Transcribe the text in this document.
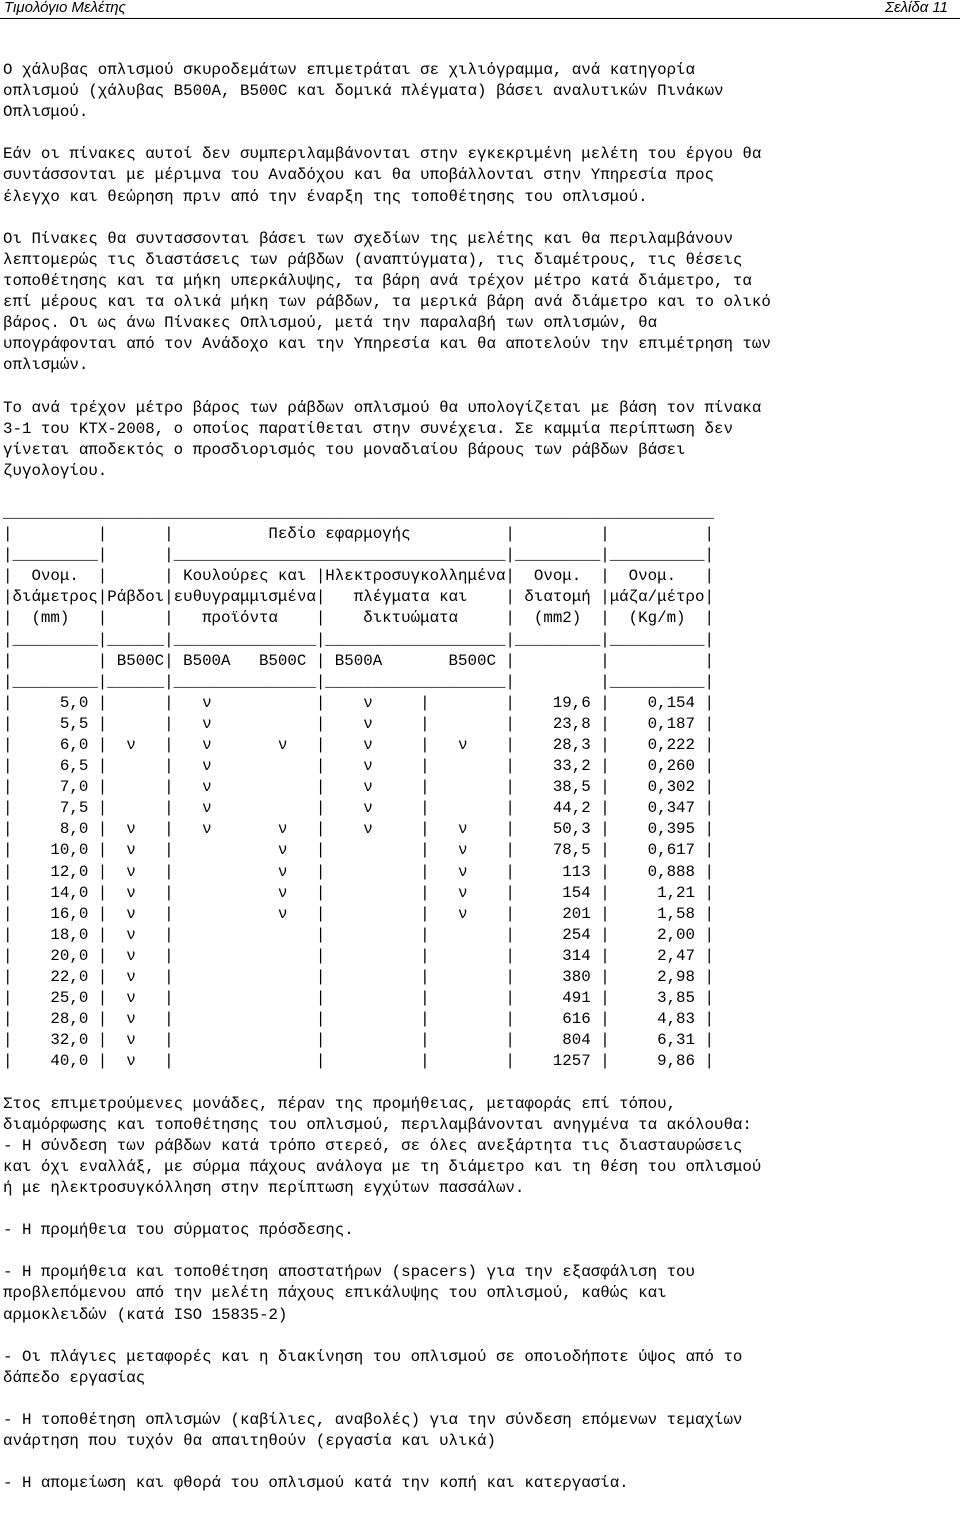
Τιμολόγιο Μελέτης	Σελίδα 11
Ο χάλυβας οπλισμού σκυροδεμάτων επιμετράται σε χιλιόγραμμα, ανά κατηγορία
οπλισμού (χάλυβας Β500Α, Β500C και δομικά πλέγματα) βάσει αναλυτικών Πινάκων
Οπλισμού.
Εάν οι πίνακες αυτοί δεν συμπεριλαμβάνονται στην εγκεκριμένη μελέτη του έργου θα
συντάσσονται με μέριμνα του Αναδόχου και θα υποβάλλονται στην Υπηρεσία προς
έλεγχο και θεώρηση πριν από την έναρξη της τοποθέτησης του οπλισμού.
Οι Πίνακες θα συντασσονται βάσει των σχεδίων της μελέτης και θα περιλαμβάνουν
λεπτομερώς τις διαστάσεις των ράβδων (αναπτύγματα), τις διαμέτρους, τις θέσεις
τοποθέτησης και τα μήκη υπερκάλυψης, τα βάρη ανά τρέχον μέτρο κατά διάμετρο, τα
επί μέρους και τα ολικά μήκη των ράβδων, τα μερικά βάρη ανά διάμετρο και το ολικό
βάρος. Οι ως άνω Πίνακες Οπλισμού, μετά την παραλαβή των οπλισμών, θα
υπογράφονται από τον Ανάδοχο και την Υπηρεσία και θα αποτελούν την επιμέτρηση των
οπλισμών.
Το ανά τρέχον μέτρο βάρος των ράβδων οπλισμού θα υπολογίζεται με βάση τον πίνακα
3-1 του ΚΤΧ-2008, ο οποίος παρατίθεται στην συνέχεια. Σε καμμία περίπτωση δεν
γίνεται αποδεκτός ο προσδιορισμός του μοναδιαίου βάρους των ράβδων βάσει
ζυγολογίου.
___________________________________________________________________________
|         |      |          Πεδίο εφαρμογής          |         |          |
|_________|      |___________________________________|_________|__________|
|  Ονομ.  |      | Κουλούρες και |Ηλεκτροσυγκολλημένα|  Ονομ.  |  Ονομ.   |
|διάμετρος|Ράβδοι|ευθυγραμμισμένα|   πλέγματα και    | διατομή |μάζα/μέτρο|
|  (mm)   |      |   προϊόντα    |    δικτυώματα     |  (mm2)  |  (Kg/m)  |
|_________|______|_______________|___________________|_________|__________|
|         | B500C| B500A   B500C | B500A       B500C |         |          |
|_________|______|_______________|___________________|         |__________|
|     5,0 |      |   ν           |    ν     |        |    19,6 |    0,154 |
|     5,5 |      |   ν           |    ν     |        |    23,8 |    0,187 |
|     6,0 |  ν   |   ν       ν   |    ν     |   ν    |    28,3 |    0,222 |
|     6,5 |      |   ν           |    ν     |        |    33,2 |    0,260 |
|     7,0 |      |   ν           |    ν     |        |    38,5 |    0,302 |
|     7,5 |      |   ν           |    ν     |        |    44,2 |    0,347 |
|     8,0 |  ν   |   ν       ν   |    ν     |   ν    |    50,3 |    0,395 |
|    10,0 |  ν   |           ν   |          |   ν    |    78,5 |    0,617 |
|    12,0 |  ν   |           ν   |          |   ν    |     113 |    0,888 |
|    14,0 |  ν   |           ν   |          |   ν    |     154 |     1,21 |
|    16,0 |  ν   |           ν   |          |   ν    |     201 |     1,58 |
|    18,0 |  ν   |               |          |        |     254 |     2,00 |
|    20,0 |  ν   |               |          |        |     314 |     2,47 |
|    22,0 |  ν   |               |          |        |     380 |     2,98 |
|    25,0 |  ν   |               |          |        |     491 |     3,85 |
|    28,0 |  ν   |               |          |        |     616 |     4,83 |
|    32,0 |  ν   |               |          |        |     804 |     6,31 |
|    40,0 |  ν   |               |          |        |    1257 |     9,86 |
Στος επιμετρούμενες μονάδες, πέραν της προμήθειας, μεταφοράς επί τόπου,
διαμόρφωσης και τοποθέτησης του οπλισμού, περιλαμβάνονται ανηγμένα τα ακόλουθα:
- Η σύνδεση των ράβδων κατά τρόπο στερεό, σε όλες ανεξάρτητα τις διασταυρώσεις
και όχι εναλλάξ, με σύρμα πάχους ανάλογα με τη διάμετρο και τη θέση του οπλισμού
ή με ηλεκτροσυγκόλληση στην περίπτωση εγχύτων πασσάλων.
- Η προμήθεια του σύρματος πρόσδεσης.
- Η προμήθεια και τοποθέτηση αποστατήρων (spacers) για την εξασφάλιση του
προβλεπόμενου από την μελέτη πάχους επικάλυψης του οπλισμού, καθώς και
αρμοκλειδών (κατά ISO 15835-2)
- Οι πλάγιες μεταφορές και η διακίνηση του οπλισμού σε οποιοδήποτε ύψος από το
δάπεδο εργασίας
- Η τοποθέτηση οπλισμών (καβίλιες, αναβολές) για την σύνδεση επόμενων τεμαχίων
ανάρτηση που τυχόν θα απαιτηθούν (εργασία και υλικά)
- Η απομείωση και φθορά του οπλισμού κατά την κοπή και κατεργασία.
